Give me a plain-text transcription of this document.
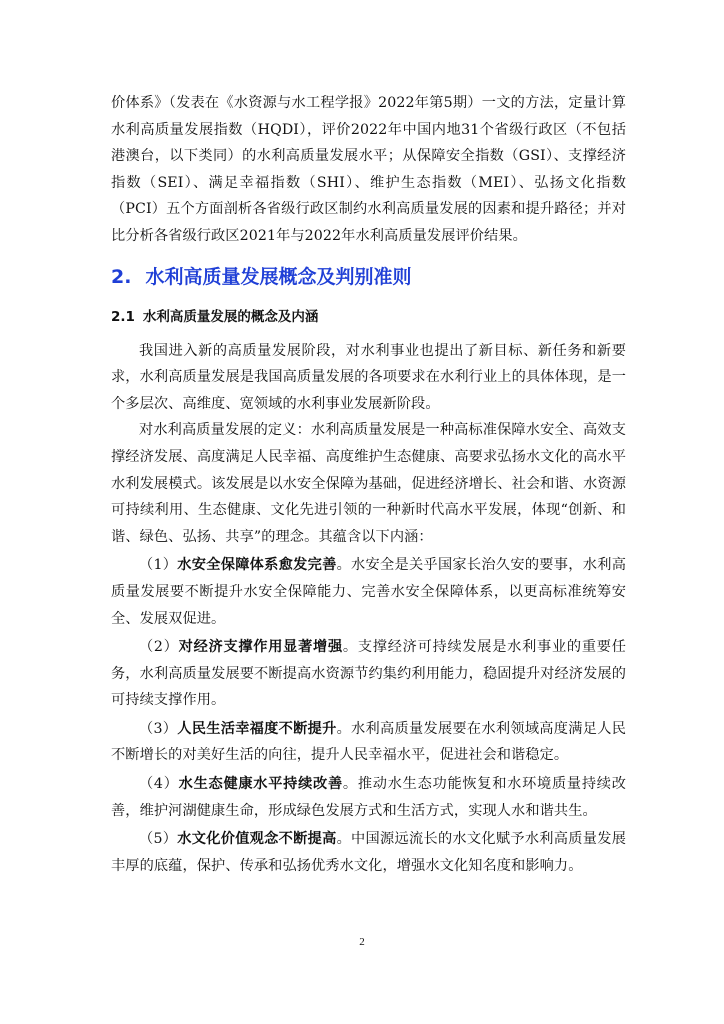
价体系》（发表在《水资源与水工程学报》2022年第5期）一文的方法，定量计算水利高质量发展指数（HQDI），评价2022年中国内地31个省级行政区（不包括港澳台，以下类同）的水利高质量发展水平；从保障安全指数（GSI）、支撑经济指数（SEI）、满足幸福指数（SHI）、维护生态指数（MEI）、弘扬文化指数（PCI）五个方面剖析各省级行政区制约水利高质量发展的因素和提升路径；并对比分析各省级行政区2021年与2022年水利高质量发展评价结果。

2. 水利高质量发展概念及判别准则
2.1 水利高质量发展的概念及内涵

我国进入新的高质量发展阶段，对水利事业也提出了新目标、新任务和新要求，水利高质量发展是我国高质量发展的各项要求在水利行业上的具体体现，是一个多层次、高维度、宽领域的水利事业发展新阶段。

对水利高质量发展的定义：水利高质量发展是一种高标准保障水安全、高效支撑经济发展、高度满足人民幸福、高度维护生态健康、高要求弘扬水文化的高水平水利发展模式。该发展是以水安全保障为基础，促进经济增长、社会和谐、水资源可持续利用、生态健康、文化先进引领的一种新时代高水平发展，体现“创新、和谐、绿色、弘扬、共享”的理念。其蕴含以下内涵：

（1）水安全保障体系愈发完善。水安全是关乎国家长治久安的要事，水利高质量发展要不断提升水安全保障能力、完善水安全保障体系，以更高标准统筹安全、发展双促进。

（2）对经济支撑作用显著增强。支撑经济可持续发展是水利事业的重要任务，水利高质量发展要不断提高水资源节约集约利用能力，稳固提升对经济发展的可持续支撑作用。

（3）人民生活幸福度不断提升。水利高质量发展要在水利领域高度满足人民不断增长的对美好生活的向往，提升人民幸福水平，促进社会和谐稳定。

（4）水生态健康水平持续改善。推动水生态功能恢复和水环境质量持续改善，维护河湖健康生命，形成绿色发展方式和生活方式，实现人水和谐共生。

（5）水文化价值观念不断提高。中国源远流长的水文化赋予水利高质量发展丰厚的底蕴，保护、传承和弘扬优秀水文化，增强水文化知名度和影响力。

2
